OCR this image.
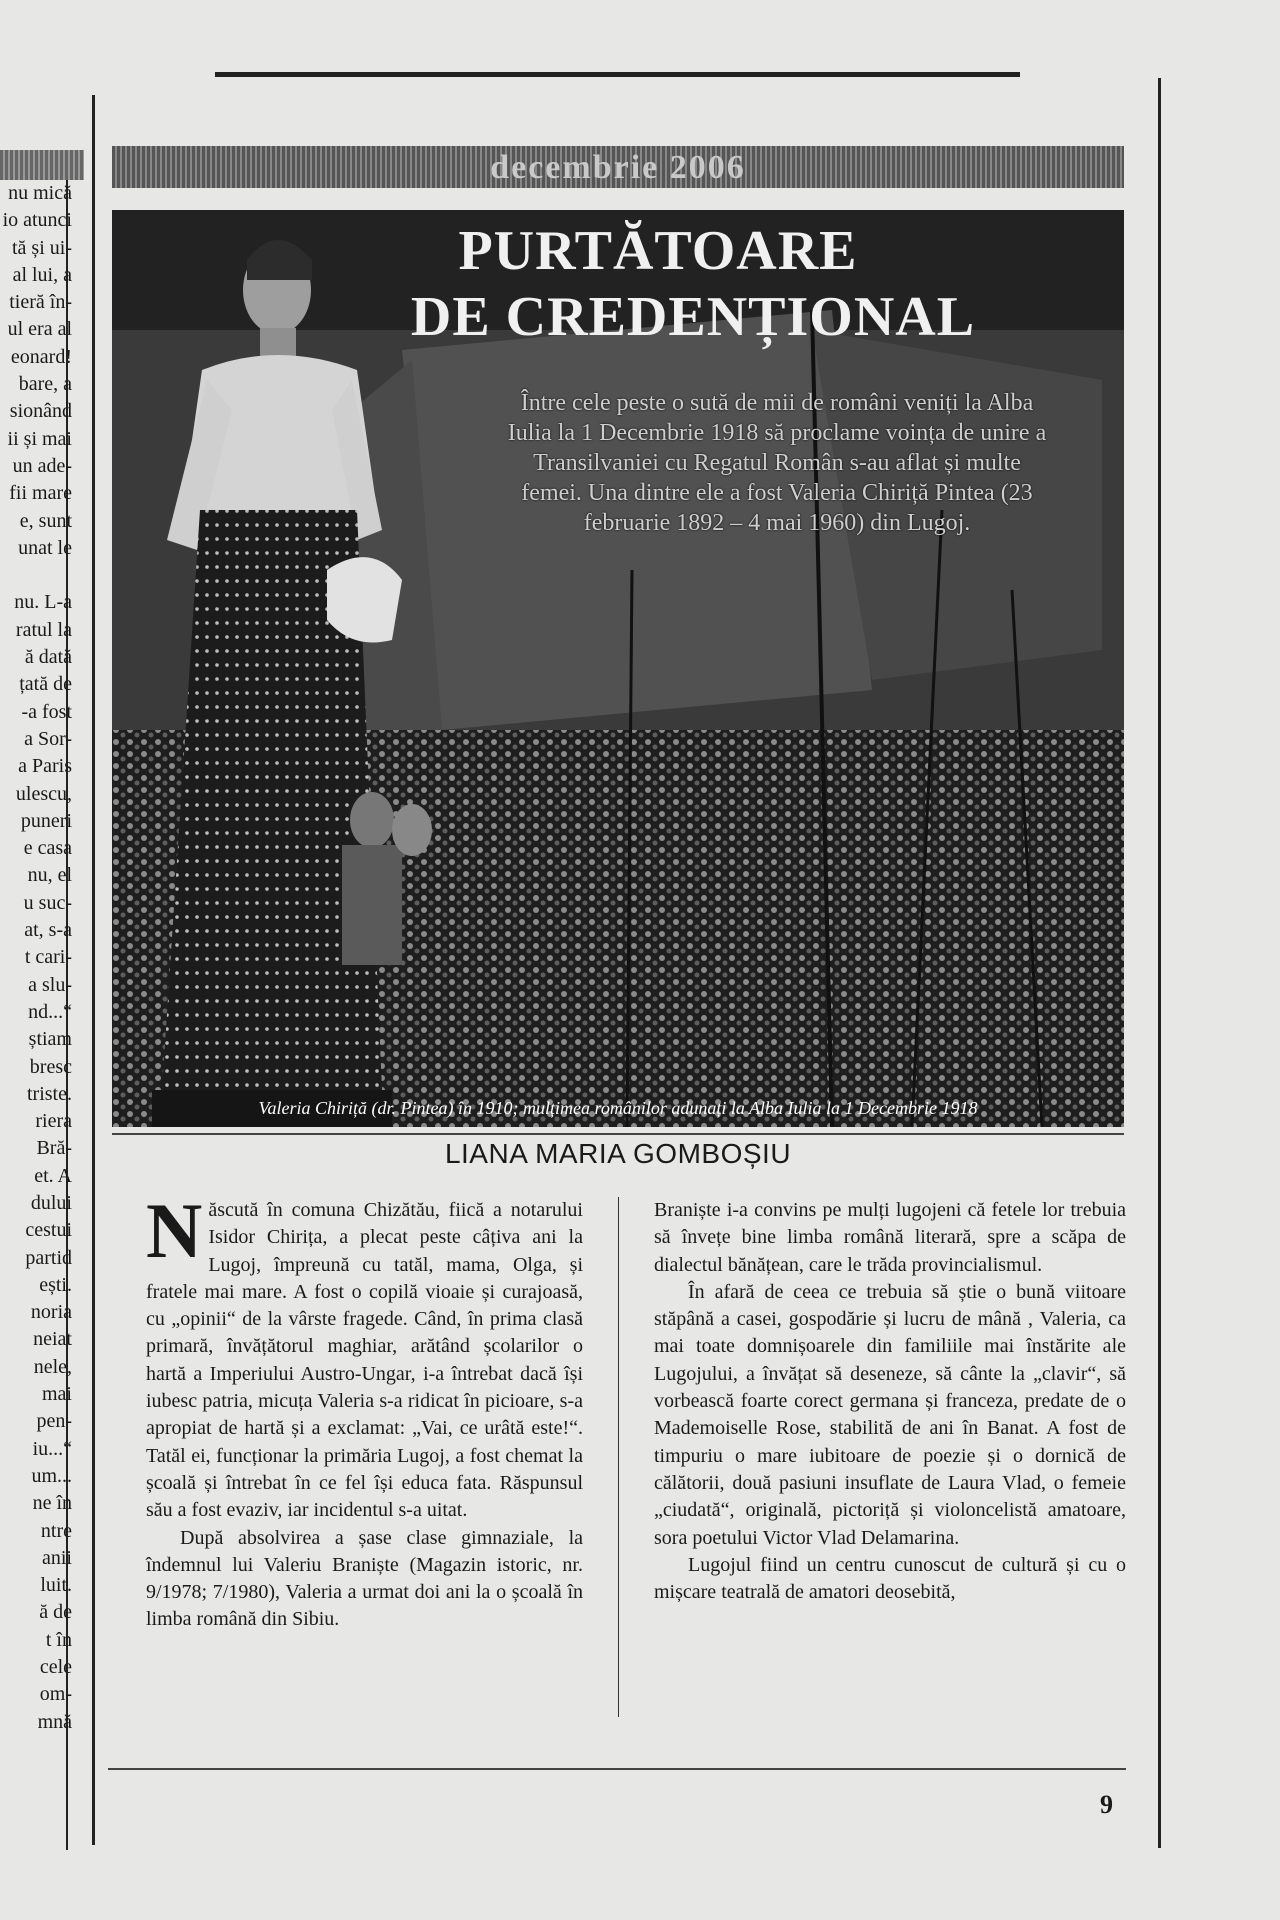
nu mică
io atunci
tă și ui-
al lui, a
tieră în-
ul era al
eonard!
bare, a
sionând
ii și mai
un ade-
fii mare
e, sunt
unat le
nu. L-a
ratul la
ă dată
țată de
-a fost
a Sor-
a Paris
ulescu,
puneri
e casa
nu, el
u suc-
at, s-a
t cari-
a slu-
nd...“
știam
bresc
triste.
riera
Bră-
et. A
dului
cestui
partid
ești.
noria
neiat
nele,
mai
pen-
iu...“
um...
ne în
ntre
anii
luit.
ă de
t în
cele
om-
mnă
decembrie 2006
PURTĂTOARE
DE CREDENȚIONAL
Între cele peste o sută de mii de români veniți la Alba Iulia la 1 Decembrie 1918 să proclame voința de unire a Transilvaniei cu Regatul Român s-au aflat și multe femei. Una dintre ele a fost Valeria Chiriță Pintea (23 februarie 1892 – 4 mai 1960) din Lugoj.
Valeria Chiriță (dr. Pintea) în 1910; mulțimea românilor adunați la Alba Iulia la 1 Decembrie 1918
LIANA MARIA GOMBOȘIU

Născută în comuna Chizătău, fiică a notarului Isidor Chirița, a plecat peste câțiva ani la Lugoj, împreună cu tatăl, mama, Olga, și fratele mai mare. A fost o copilă vioaie și curajoasă, cu „opinii“ de la vârste fragede. Când, în prima clasă primară, învățătorul maghiar, arătând școlarilor o hartă a Imperiului Austro-Ungar, i-a întrebat dacă își iubesc patria, micuța Valeria s-a ridicat în picioare, s-a apropiat de hartă și a exclamat: „Vai, ce urâtă este!“. Tatăl ei, funcționar la primăria Lugoj, a fost chemat la școală și întrebat în ce fel își educa fata. Răspunsul său a fost evaziv, iar incidentul s-a uitat.

După absolvirea a șase clase gimnaziale, la îndemnul lui Valeriu Braniște (Magazin istoric, nr. 9/1978; 7/1980), Valeria a urmat doi ani la o școală în limba română din Sibiu.

Braniște i-a convins pe mulți lugojeni că fetele lor trebuia să învețe bine limba română literară, spre a scăpa de dialectul bănățean, care le trăda provincialismul.

În afară de ceea ce trebuia să știe o bună viitoare stăpână a casei, gospodărie și lucru de mână , Valeria, ca mai toate domnișoarele din familiile mai înstărite ale Lugojului, a învățat să deseneze, să cânte la „clavir“, să vorbească foarte corect germana și franceza, predate de o Mademoiselle Rose, stabilită de ani în Banat. A fost de timpuriu o mare iubitoare de poezie și o dornică de călătorii, două pasiuni insuflate de Laura Vlad, o femeie „ciudată“, originală, pictoriță și violoncelistă amatoare, sora poetului Victor Vlad Delamarina.

Lugojul fiind un centru cunoscut de cultură și cu o mișcare teatrală de amatori deosebită,

9
